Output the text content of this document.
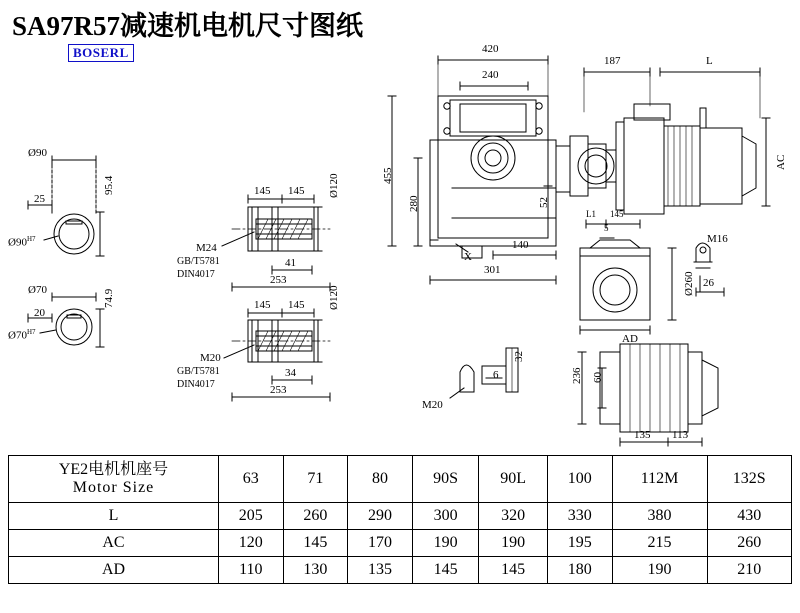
SA97R57减速机电机尺寸图纸
BOSERL
Ø90
25
95.4
$Ø90^{H7}$
Ø70
20
74.9
$Ø70^{H7}$
145 145 Ø120
M24
GB/T5781
DIN4017
41
253
145 145 Ø120
M20
GB/T5781
DIN4017
34
253
420
240
187	L
455
280	52
140
301
X
AC
L1 145
5
M16
26
Ø260
AD
32
6
M20
236 60
135 113
YE2电机机座号
Motor Size	63	71	80	90S	90L	100	112M	132S
L	205	260	290	300	320	330	380	430
AC	120	145	170	190	190	195	215	260
AD	110	130	135	145	145	180	190	210
